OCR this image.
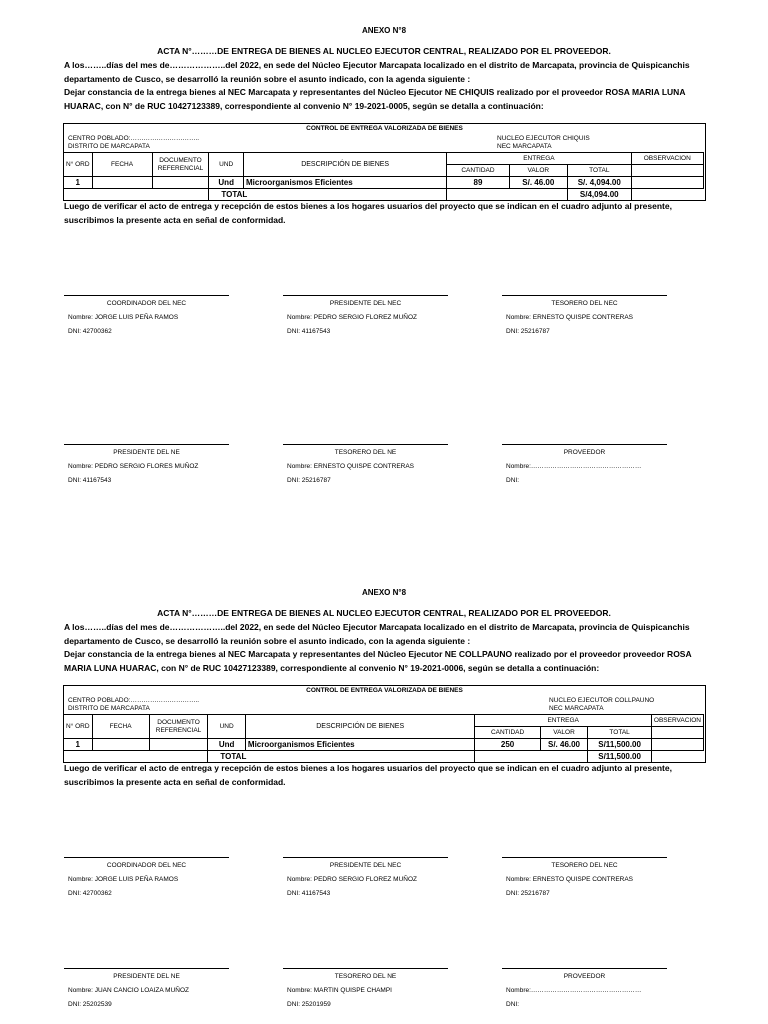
ANEXO N°8
ACTA N°………DE ENTREGA DE BIENES AL NUCLEO EJECUTOR CENTRAL, REALIZADO POR EL PROVEEDOR.

A los……..días del mes de………………..del 2022, en sede del Núcleo Ejecutor Marcapata localizado en el distrito de Marcapata, provincia de Quispicanchis departamento de Cusco, se desarrolló la reunión sobre el asunto indicado, con la agenda siguiente :

Dejar constancia de la entrega bienes al NEC Marcapata y representantes del Núcleo Ejecutor NE CHIQUIS realizado por el proveedor ROSA MARIA LUNA HUARAC, con N° de RUC 10427123389, correspondiente al convenio N° 19-2021-0005, según se detalla a continuación:

CONTROL DE ENTREGA VALORIZADA DE BIENES
CENTRO POBLADO:…………………………..
DISTRITO DE MARCAPATA
NUCLEO EJECUTOR CHIQUIS
NEC MARCAPATA
N° ORD	FECHA	DOCUMENTO REFERENCIAL	UND	DESCRIPCIÓN DE BIENES	ENTREGA			OBSERVACION
					CANTIDAD	VALOR	TOTAL	
1			Und	Microorganismos Eficientes	89	S/. 46.00	S/. 4,094.00	
			TOTAL				S/4,094.00	
Luego de verificar el acto de entrega y recepción de estos bienes a los hogares usuarios del proyecto que se indican en el cuadro adjunto al presente, suscribimos la presente acta en señal de conformidad.
COORDINADOR DEL NEC
Nombre: JORGE LUIS PEÑA RAMOS
DNI: 42700362
PRESIDENTE DEL NEC
Nombre: PEDRO SERGIO FLOREZ MUÑOZ
DNI: 41167543
TESORERO DEL NEC
Nombre: ERNESTO QUISPE CONTRERAS
DNI: 25216787
PRESIDENTE DEL NE
Nombre: PEDRO SERGIO FLORES MUÑOZ
DNI: 41167543
TESORERO DEL NE
Nombre: ERNESTO QUISPE CONTRERAS
DNI: 25216787
PROVEEDOR
Nombre:……………………………………………
DNI:
ANEXO N°8
ACTA N°………DE ENTREGA DE BIENES AL NUCLEO EJECUTOR CENTRAL, REALIZADO POR EL PROVEEDOR.

A los……..días del mes de………………..del 2022, en sede del Núcleo Ejecutor Marcapata localizado en el distrito de Marcapata, provincia de Quispicanchis departamento de Cusco, se desarrolló la reunión sobre el asunto indicado, con la agenda siguiente :

Dejar constancia de la entrega bienes al NEC Marcapata y representantes del Núcleo Ejecutor NE COLLPAUNO realizado por el proveedor proveedor ROSA MARIA LUNA HUARAC, con N° de RUC 10427123389, correspondiente al convenio N° 19-2021-0006, según se detalla a continuación:

CONTROL DE ENTREGA VALORIZADA DE BIENES
CENTRO POBLADO:…………………………..
DISTRITO DE MARCAPATA
NUCLEO EJECUTOR COLLPAUNO
NEC MARCAPATA
N° ORD	FECHA	DOCUMENTO REFERENCIAL	UND	DESCRIPCIÓN DE BIENES	ENTREGA			OBSERVACION
					CANTIDAD	VALOR	TOTAL	
1			Und	Microorganismos Eficientes	250	S/. 46.00	S/11,500.00	
			TOTAL				S/11,500.00	
Luego de verificar el acto de entrega y recepción de estos bienes a los hogares usuarios del proyecto que se indican en el cuadro adjunto al presente, suscribimos la presente acta en señal de conformidad.
COORDINADOR DEL NEC
Nombre: JORGE LUIS PEÑA RAMOS
DNI: 42700362
PRESIDENTE DEL NEC
Nombre: PEDRO SERGIO FLOREZ MUÑOZ
DNI: 41167543
TESORERO DEL NEC
Nombre: ERNESTO QUISPE CONTRERAS
DNI: 25216787
PRESIDENTE DEL NE
Nombre: JUAN CANCIO LOAIZA MUÑOZ
DNI: 25202539
TESORERO DEL NE
Nombre: MARTIN QUISPE CHAMPI
DNI: 25201959
PROVEEDOR
Nombre:……………………………………………
DNI:
